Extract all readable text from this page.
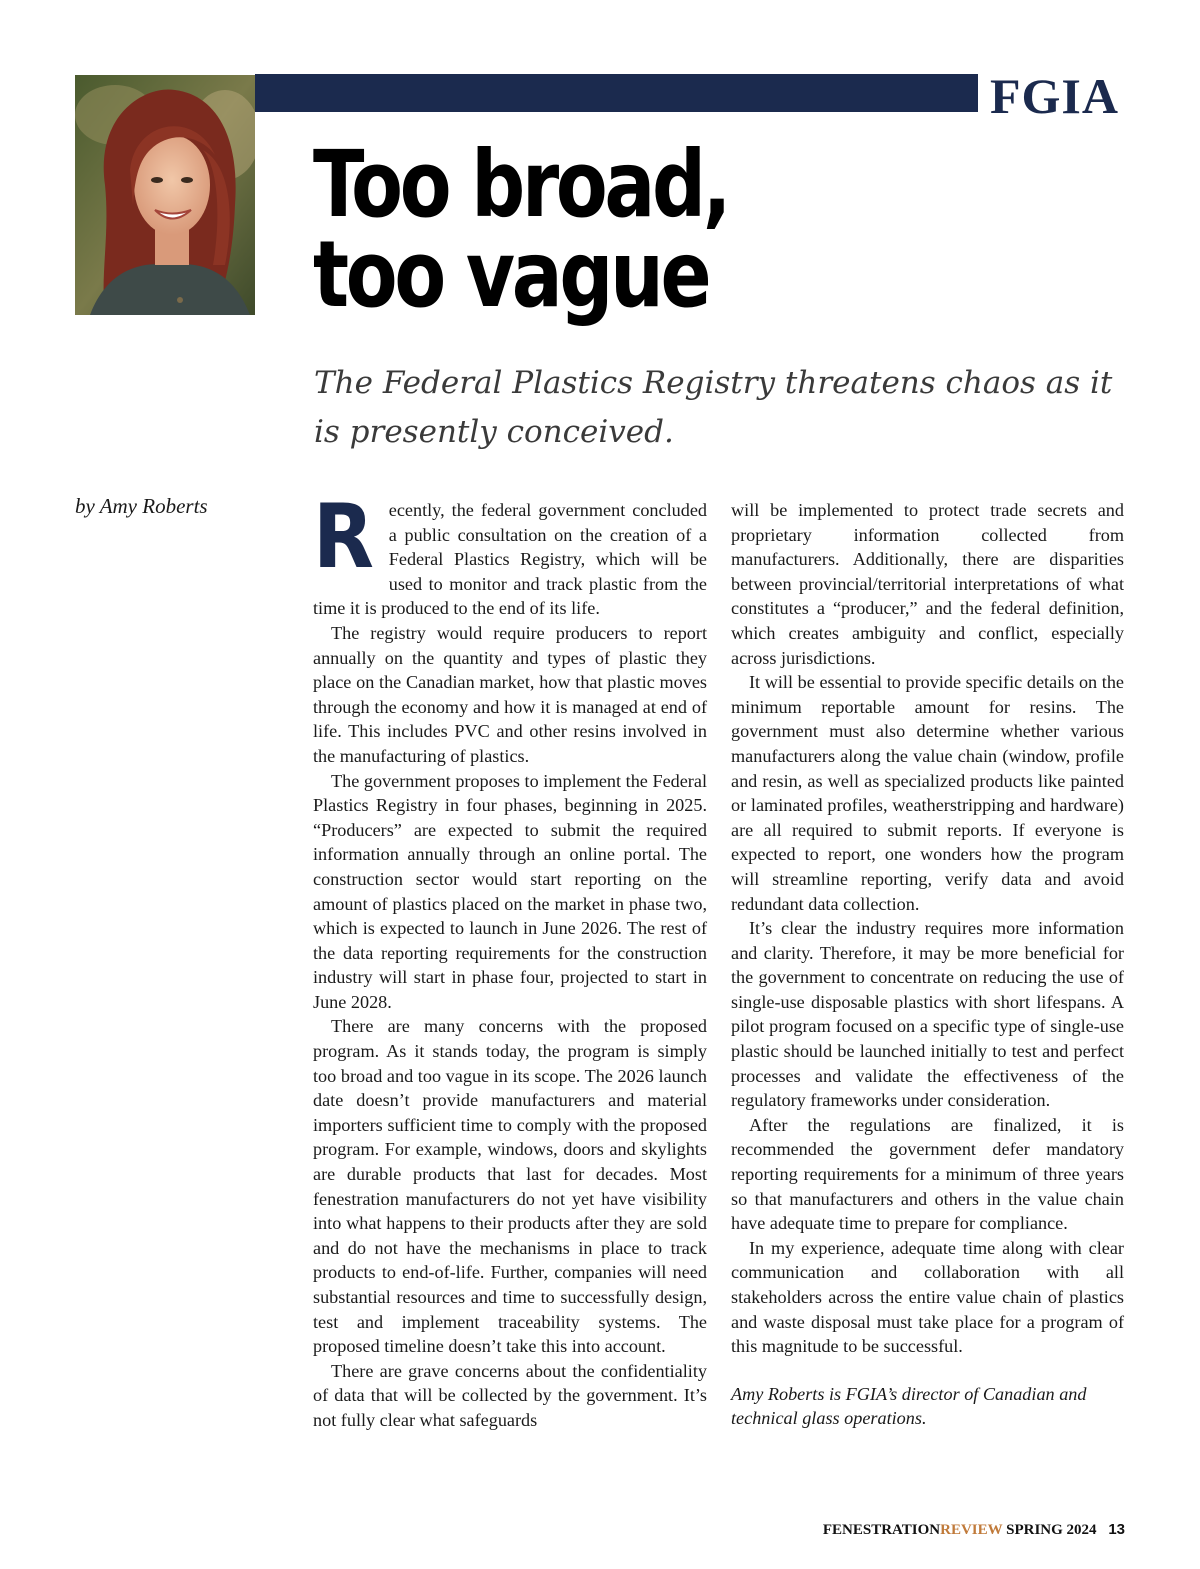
FGIA
Too broad,
too vague

The Federal Plastics Registry threatens chaos as it is presently conceived.

by Amy Roberts Recently, the federal government concluded a public consultation on the creation of a Federal Plastics Registry, which will be used to monitor and track plastic from the time it is produced to the end of its life.

The registry would require producers to report annually on the quantity and types of plastic they place on the Canadian market, how that plastic moves through the economy and how it is managed at end of life. This includes PVC and other resins involved in the manufacturing of plastics.

The government proposes to implement the Federal Plastics Registry in four phases, beginning in 2025. “Producers” are expected to submit the required information annually through an online portal. The construction sector would start reporting on the amount of plastics placed on the market in phase two, which is expected to launch in June 2026. The rest of the data reporting requirements for the construction industry will start in phase four, projected to start in June 2028.

There are many concerns with the proposed program. As it stands today, the program is simply too broad and too vague in its scope. The 2026 launch date doesn’t provide manufacturers and material importers sufficient time to comply with the proposed program. For example, windows, doors and skylights are durable products that last for decades. Most fenestration manufacturers do not yet have visibility into what happens to their products after they are sold and do not have the mechanisms in place to track products to end-of-life. Further, companies will need substantial resources and time to successfully design, test and implement traceability systems. The proposed timeline doesn’t take this into account.

There are grave concerns about the confidentiality of data that will be collected by the government. It’s not fully clear what safeguards

will be implemented to protect trade secrets and proprietary information collected from manufacturers. Additionally, there are disparities between provincial/territorial interpretations of what constitutes a “producer,” and the federal definition, which creates ambiguity and conflict, especially across jurisdictions.

It will be essential to provide specific details on the minimum reportable amount for resins. The government must also determine whether various manufacturers along the value chain (window, profile and resin, as well as specialized products like painted or laminated profiles, weatherstripping and hardware) are all required to submit reports. If everyone is expected to report, one wonders how the program will streamline reporting, verify data and avoid redundant data collection.

It’s clear the industry requires more information and clarity. Therefore, it may be more beneficial for the government to concentrate on reducing the use of single-use disposable plastics with short lifespans. A pilot program focused on a specific type of single-use plastic should be launched initially to test and perfect processes and validate the effectiveness of the regulatory frameworks under consideration.

After the regulations are finalized, it is recommended the government defer mandatory reporting requirements for a minimum of three years so that manufacturers and others in the value chain have adequate time to prepare for compliance.

In my experience, adequate time along with clear communication and collaboration with all stakeholders across the entire value chain of plastics and waste disposal must take place for a program of this magnitude to be successful.

Amy Roberts is FGIA’s director of Canadian and technical glass operations.

FENESTRATIONREVIEW SPRING 2024 13
